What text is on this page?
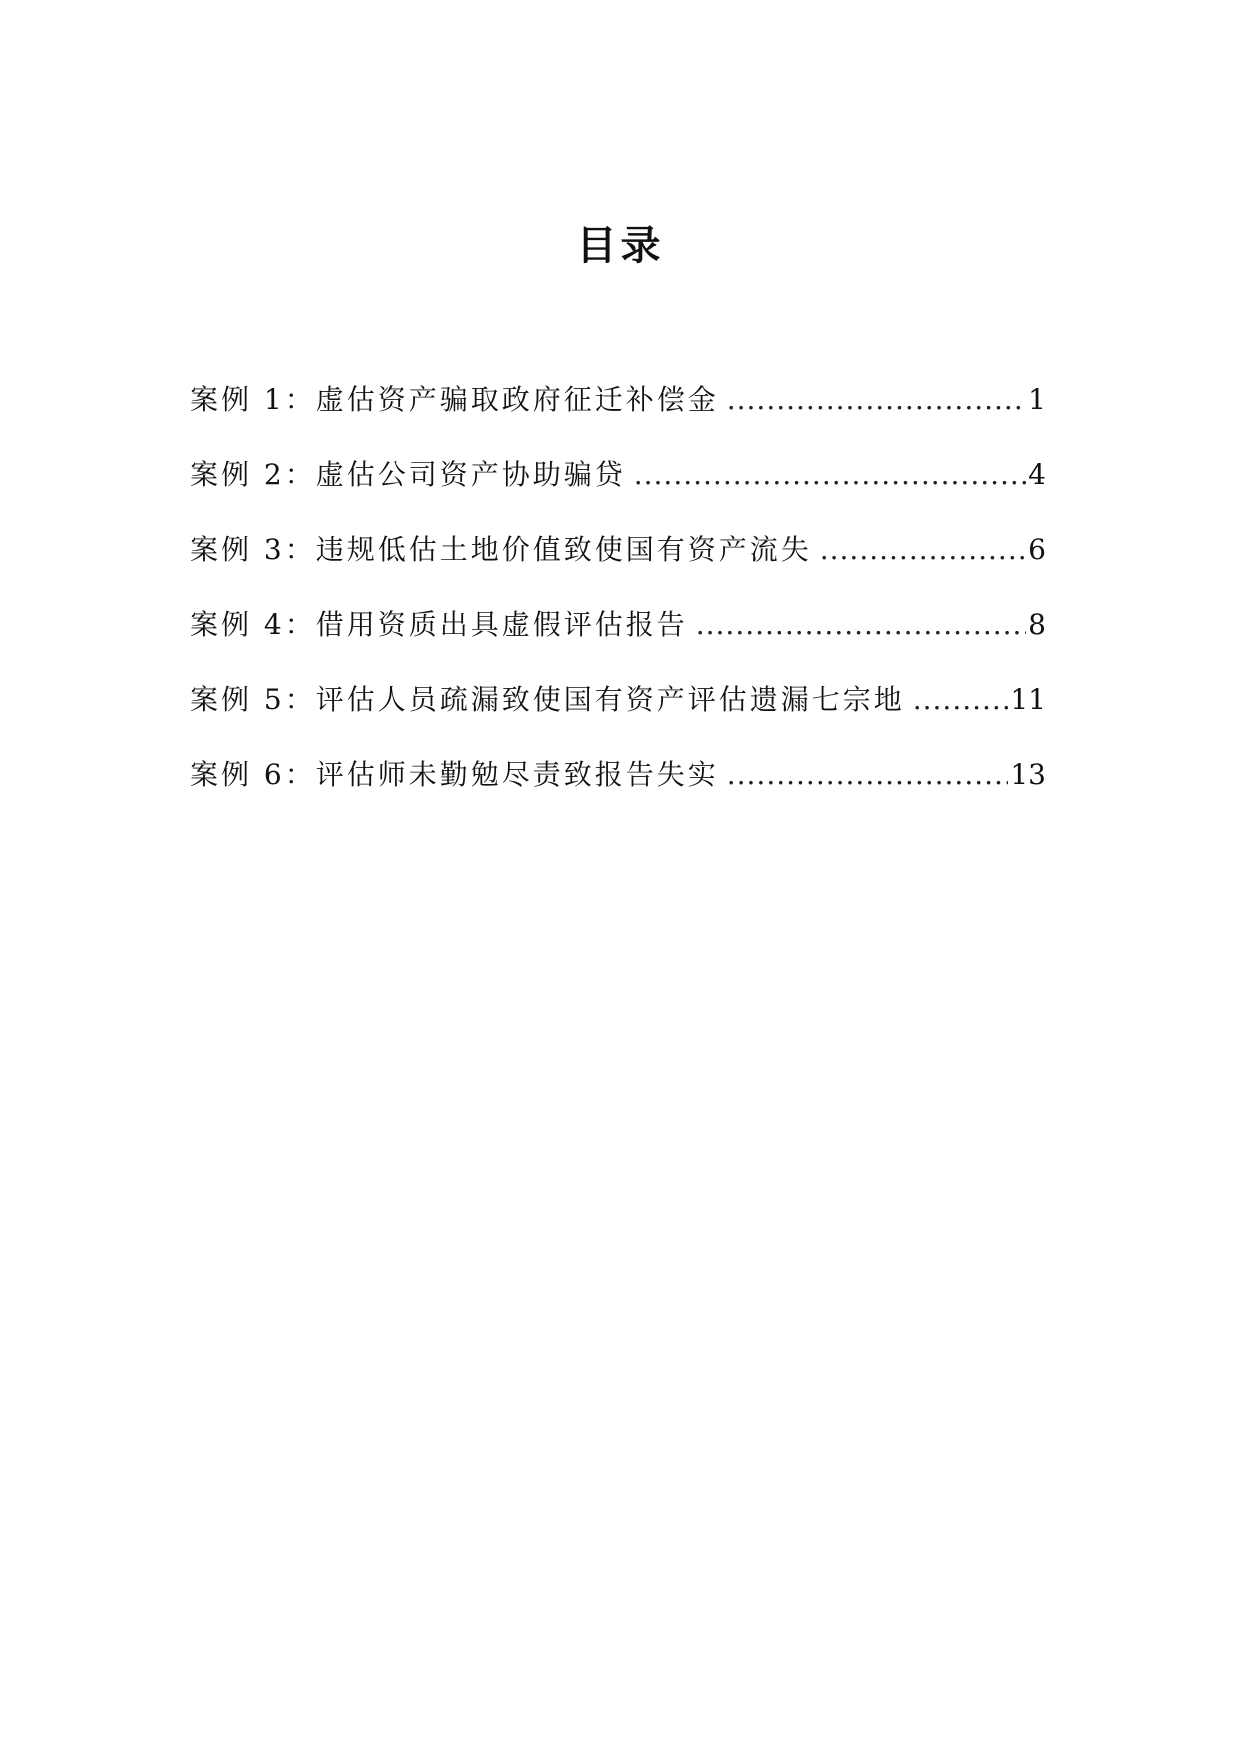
目录
案例 1：虚估资产骗取政府征迁补偿金 .....	1
案例 2：虚估公司资产协助骗贷 .....	4
案例 3：违规低估土地价值致使国有资产流失 .....	6
案例 4：借用资质出具虚假评估报告 .....	8
案例 5：评估人员疏漏致使国有资产评估遗漏七宗地 .....	11
案例 6：评估师未勤勉尽责致报告失实 .....	13
